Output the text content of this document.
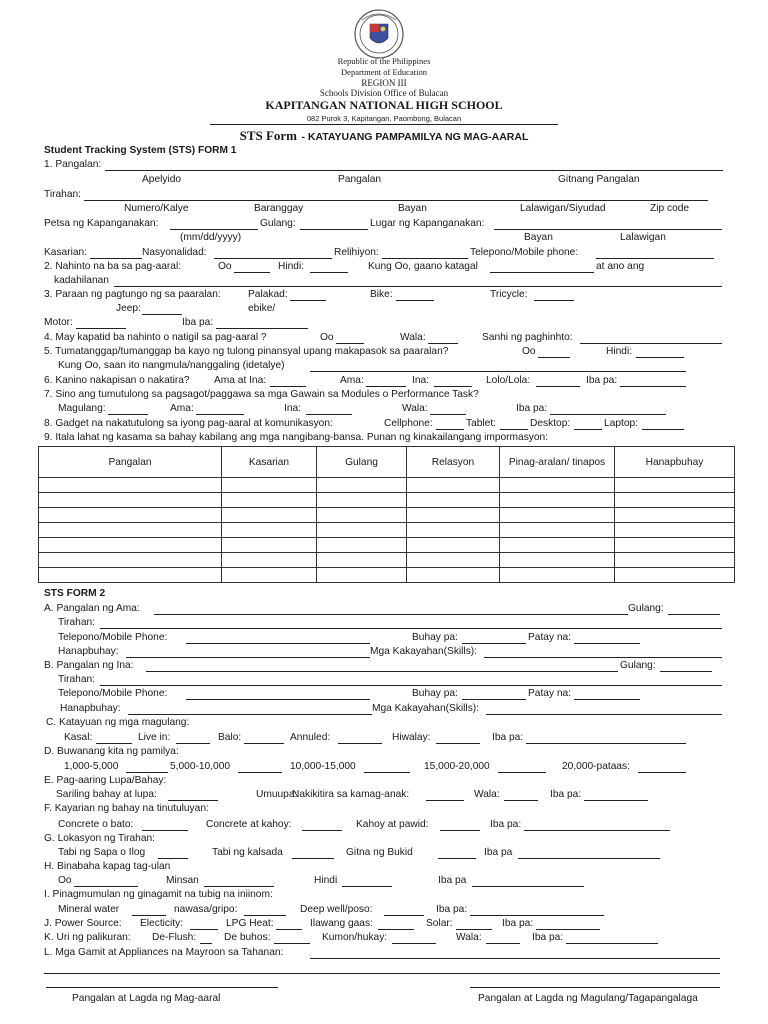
Republic of the Philippines
Department of Education
REGION III
Schools Division Office of Bulacan
KAPITANGAN NATIONAL HIGH SCHOOL
082 Purok 3, Kapitangan, Paombong, Bulacan
STS Form - KATAYUANG PAMPAMILYA NG MAG-AARAL
Student Tracking System (STS) FORM 1
1. Pangalan:
Apelyido	Pangalan	Gitnang Pangalan
Tirahan:
Numero/Kalye	Baranggay	Bayan	Lalawigan/Siyudad	Zip code
Petsa ng Kapanganakan:	Gulang:	Lugar ng Kapanganakan:
(mm/dd/yyyy)	Bayan	Lalawigan
Kasarian:	Nasyonalidad:	Relihiyon:	Telepono/Mobile phone:
2. Nahinto na ba sa pag-aaral:	Oo	Hindi:	Kung Oo, gaano katagal	at ano ang
kadahilanan
3. Paraan ng pagtungo ng sa paaralan:	Palakad:	Bike:	Tricycle:
Jeep:	ebike/
Motor:	Iba pa:
4. May kapatid ba nahinto o natigil sa pag-aaral ?	Oo	Wala:	Sanhi ng paghinhto:
5. Tumatanggap/tumanggap ba kayo ng tulong pinansyal upang makapasok sa paaralan?	Oo	Hindi:
Kung Oo, saan ito nangmula/nanggaling (idetalye)
6. Kanino nakapisan o nakatira? Ama at Ina:	Ama:	Ina:	Lolo/Lola:	Iba pa:
7. Sino ang tumutulong sa pagsagot/paggawa sa mga Gawain sa Modules o Performance Task?
Magulang:	Ama:	Ina:	Wala:	Iba pa:
8. Gadget na nakatutulong sa iyong pag-aaral at komunikasyon:	Cellphone:	Tablet:	Desktop:	Laptop:
9. Itala lahat ng kasama sa bahay kabilang ang mga nangibang-bansa. Punan ng kinakailangang impormasyon:
Pangalan	Kasarian	Gulang	Relasyon	Pinag-aralan/ tinapos	Hanapbuhay

STS FORM 2
A. Pangalan ng Ama:	Gulang:
Tirahan:
Telepono/Mobile Phone:	Buhay pa:	Patay na:
Hanapbuhay:	Mga Kakayahan(Skills):
B. Pangalan ng Ina:	Gulang:
Tirahan:
Telepono/Mobile Phone:	Buhay pa:	Patay na:
Hanapbuhay:	Mga Kakayahan(Skills):
C. Katayuan ng mga magulang:
Kasal:	Live in:	Balo:	Annuled:	Hiwalay:	Iba pa:
D. Buwanang kita ng pamilya:
1,000-5,000	5,000-10,000	10,000-15,000	15,000-20,000	20,000-pataas:
E. Pag-aaring Lupa/Bahay:
Sariling bahay at lupa:	Umuupa:
Nakikitira sa kamag-anak:	Wala:	Iba pa:
F. Kayarian ng bahay na tinutuluyan:
Concrete o bato:	Concrete at kahoy:	Kahoy at pawid:	Iba pa:
G. Lokasyon ng Tirahan:
Tabi ng Sapa o Ilog	Tabi ng kalsada	Gitna ng Bukid	Iba pa
H. Binabaha kapag tag-ulan
Oo	Minsan	Hindi	Iba pa
I. Pinagmumulan ng ginagamit na tubig na iniinom:
Mineral water	nawasa/gripo:	Deep well/poso:	Iba pa:
J. Power Source: Electicity:	LPG Heat:	Ilawang gaas:	Solar:	Iba pa:
K. Uri ng palikuran: De-Flush:	De buhos:	Kumon/hukay:	Wala:	Iba pa:
L. Mga Gamit at Appliances na Mayroon sa Tahanan:
Pangalan at Lagda ng Mag-aaral	Pangalan at Lagda ng Magulang/Tagapangalaga
